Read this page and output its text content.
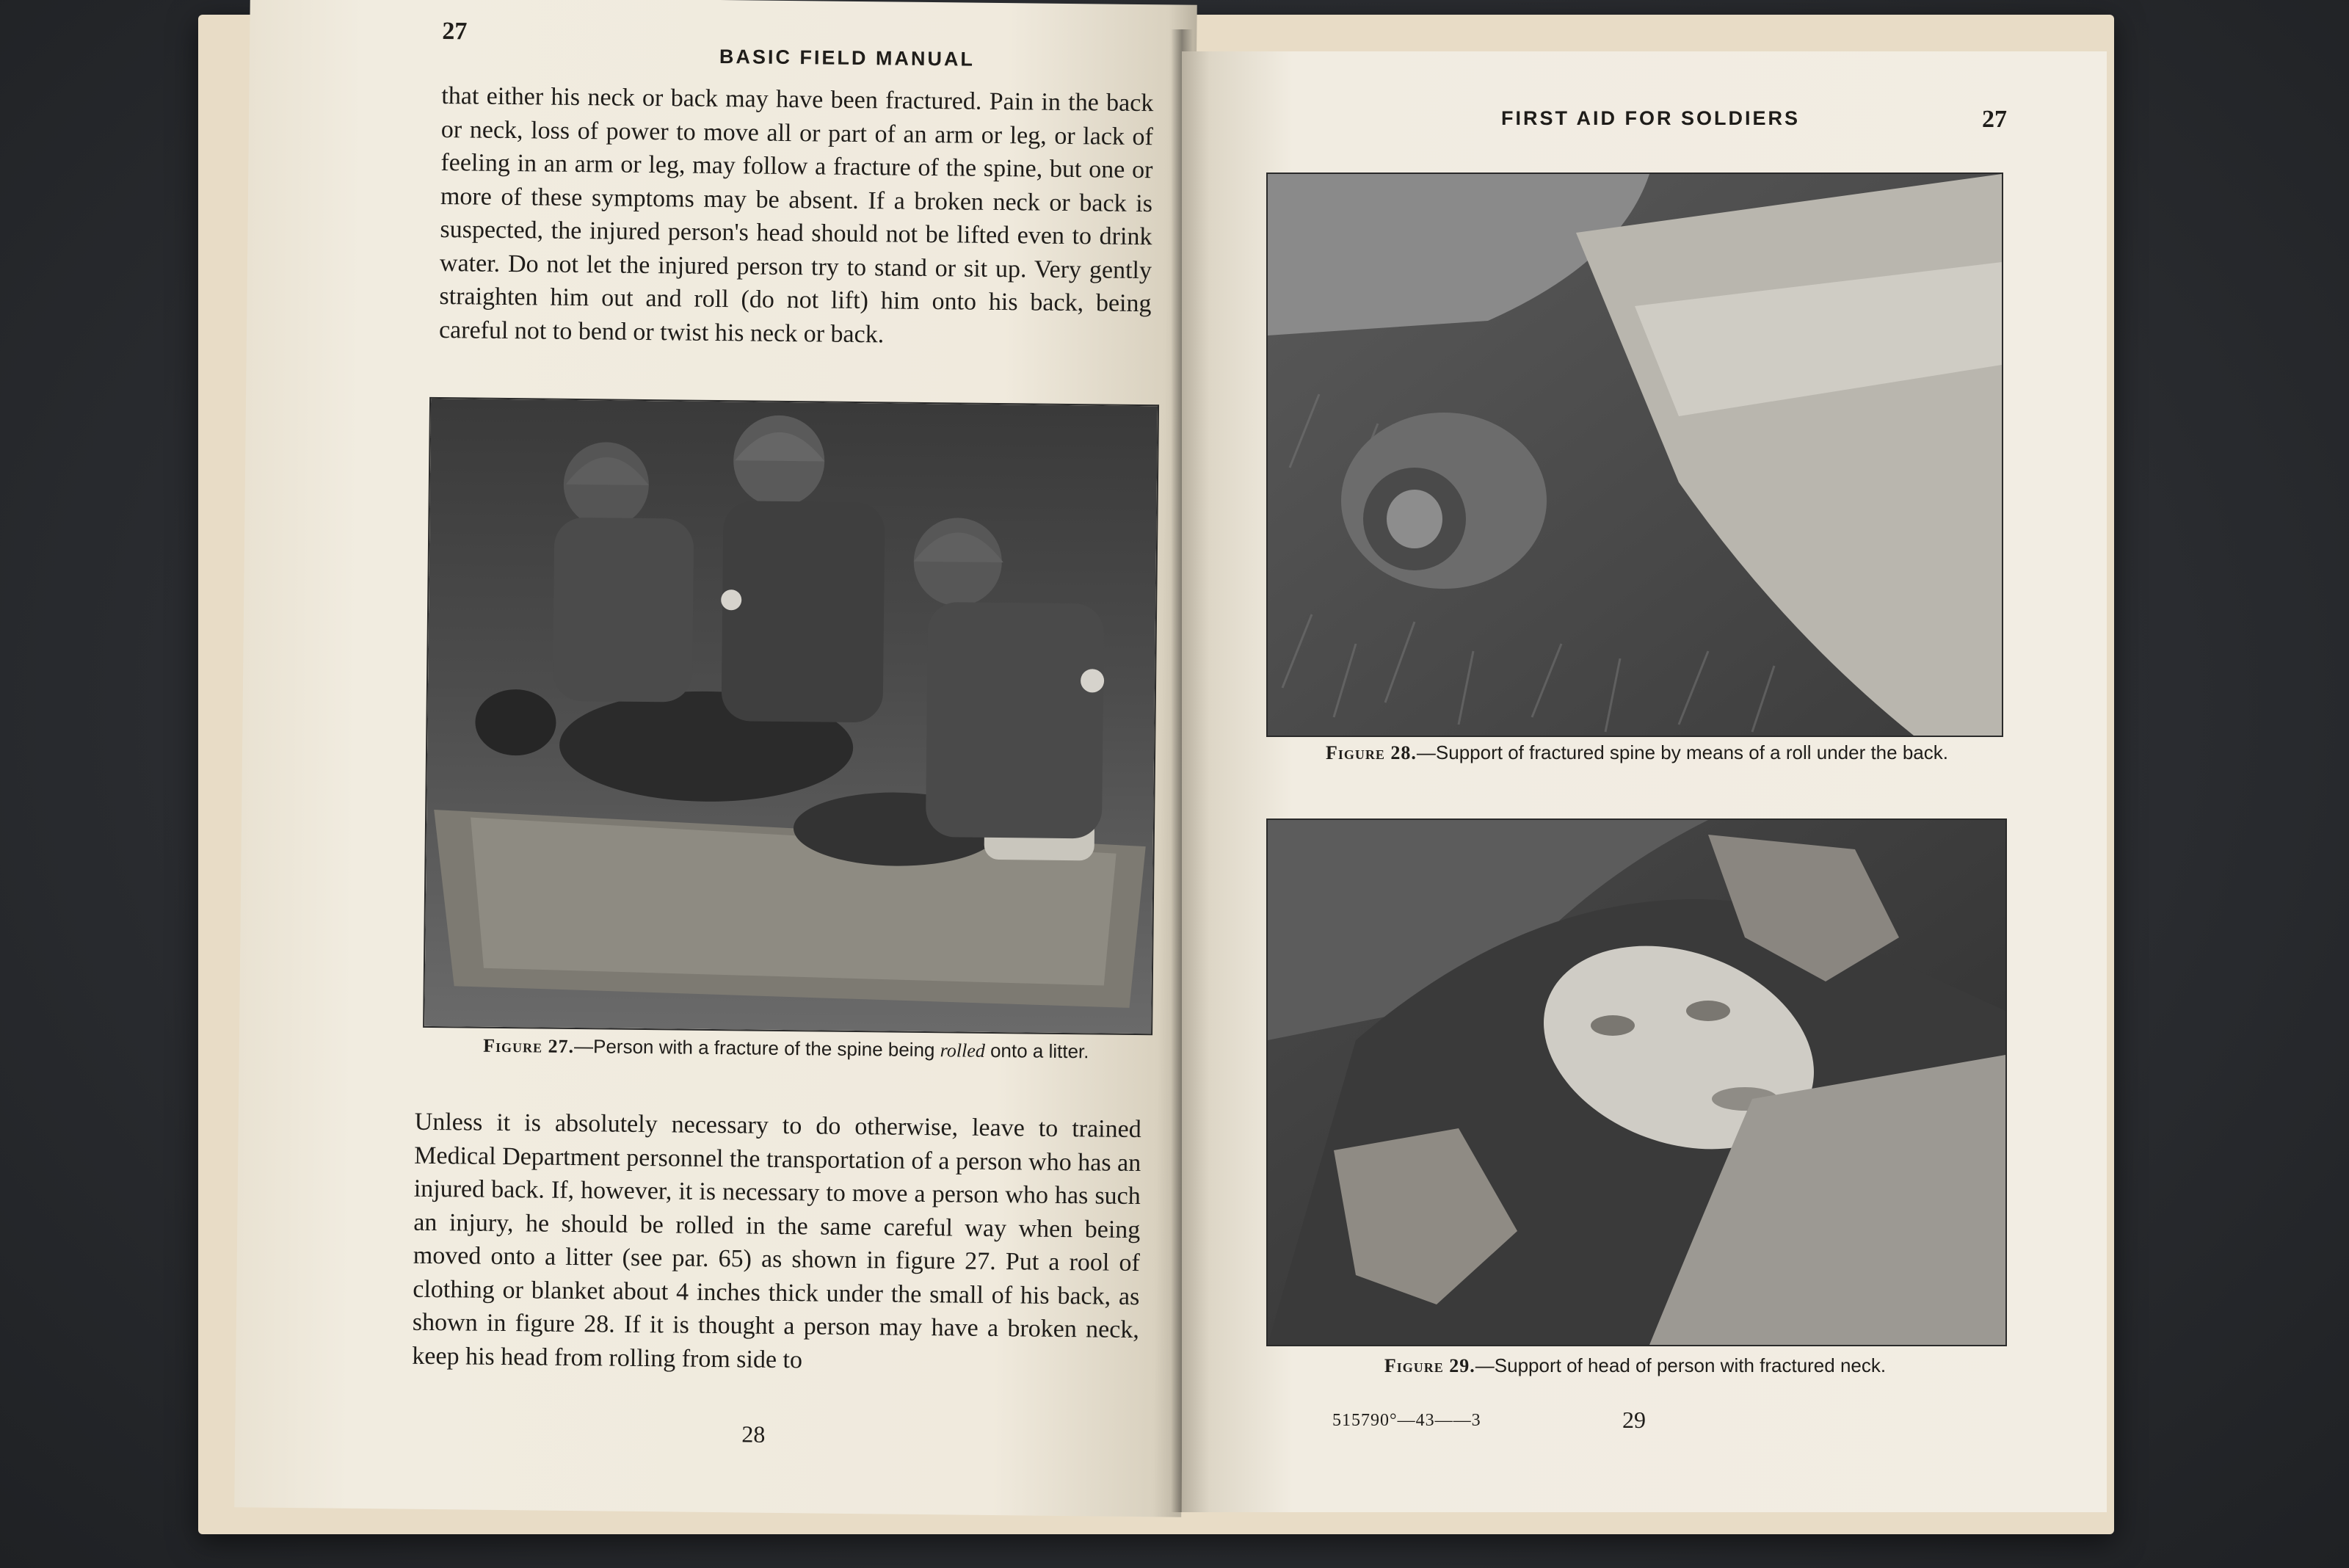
27
BASIC FIELD MANUAL

that either his neck or back may have been fractured. Pain in the back or neck, loss of power to move all or part of an arm or leg, or lack of feeling in an arm or leg, may follow a fracture of the spine, but one or more of these symptoms may be absent. If a broken neck or back is suspected, the injured person's head should not be lifted even to drink water. Do not let the injured person try to stand or sit up. Very gently straighten him out and roll (do not lift) him onto his back, being careful not to bend or twist his neck or back.

Figure 27.—Person with a fracture of the spine being rolled onto a litter.

Unless it is absolutely necessary to do otherwise, leave to trained Medical Department personnel the transportation of a person who has an injured back. If, however, it is necessary to move a person who has such an injury, he should be rolled in the same careful way when being moved onto a litter (see par. 65) as shown in figure 27. Put a rool of clothing or blanket about 4 inches thick under the small of his back, as shown in figure 28. If it is thought a person may have a broken neck, keep his head from rolling from side to

28
FIRST AID FOR SOLDIERS	27
Figure 28.—Support of fractured spine by means of a roll under the back.
Figure 29.—Support of head of person with fractured neck.
515790°—43——3	29
